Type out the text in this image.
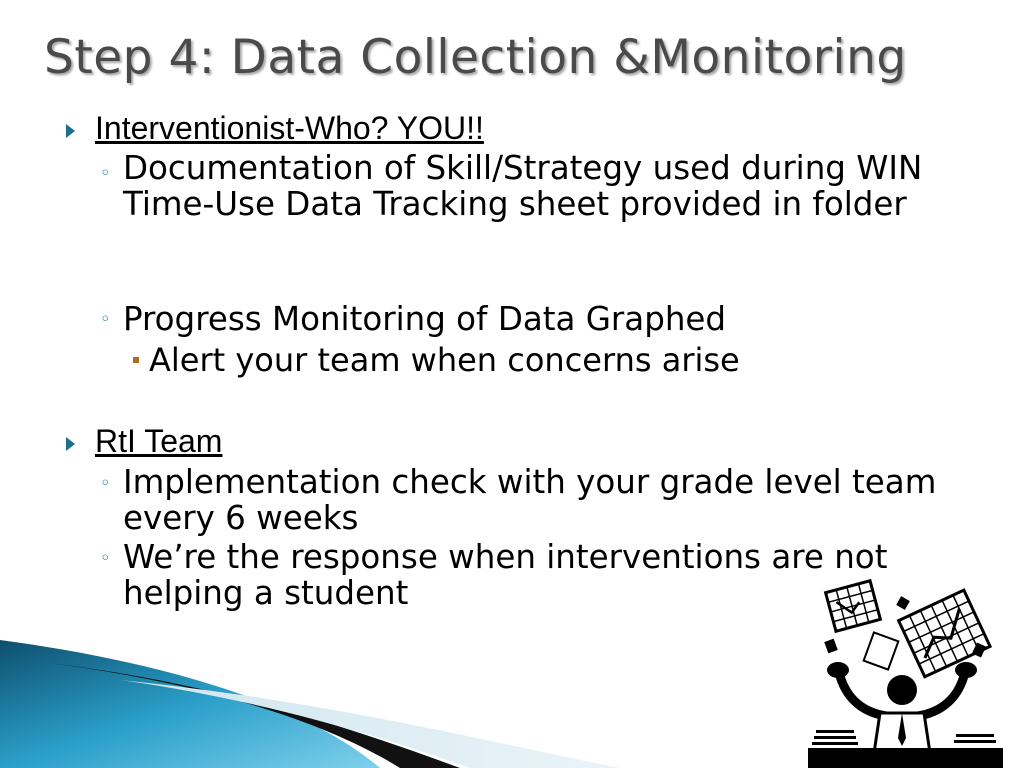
Step 4: Data Collection &Monitoring
Interventionist-Who? YOU!!
◦ Documentation of Skill/Strategy used during WIN Time-Use Data Tracking sheet provided in folder
◦ Progress Monitoring of Data Graphed
Alert your team when concerns arise
RtI Team
◦ Implementation check with your grade level team every 6 weeks
◦ We’re the response when interventions are not helping a student
